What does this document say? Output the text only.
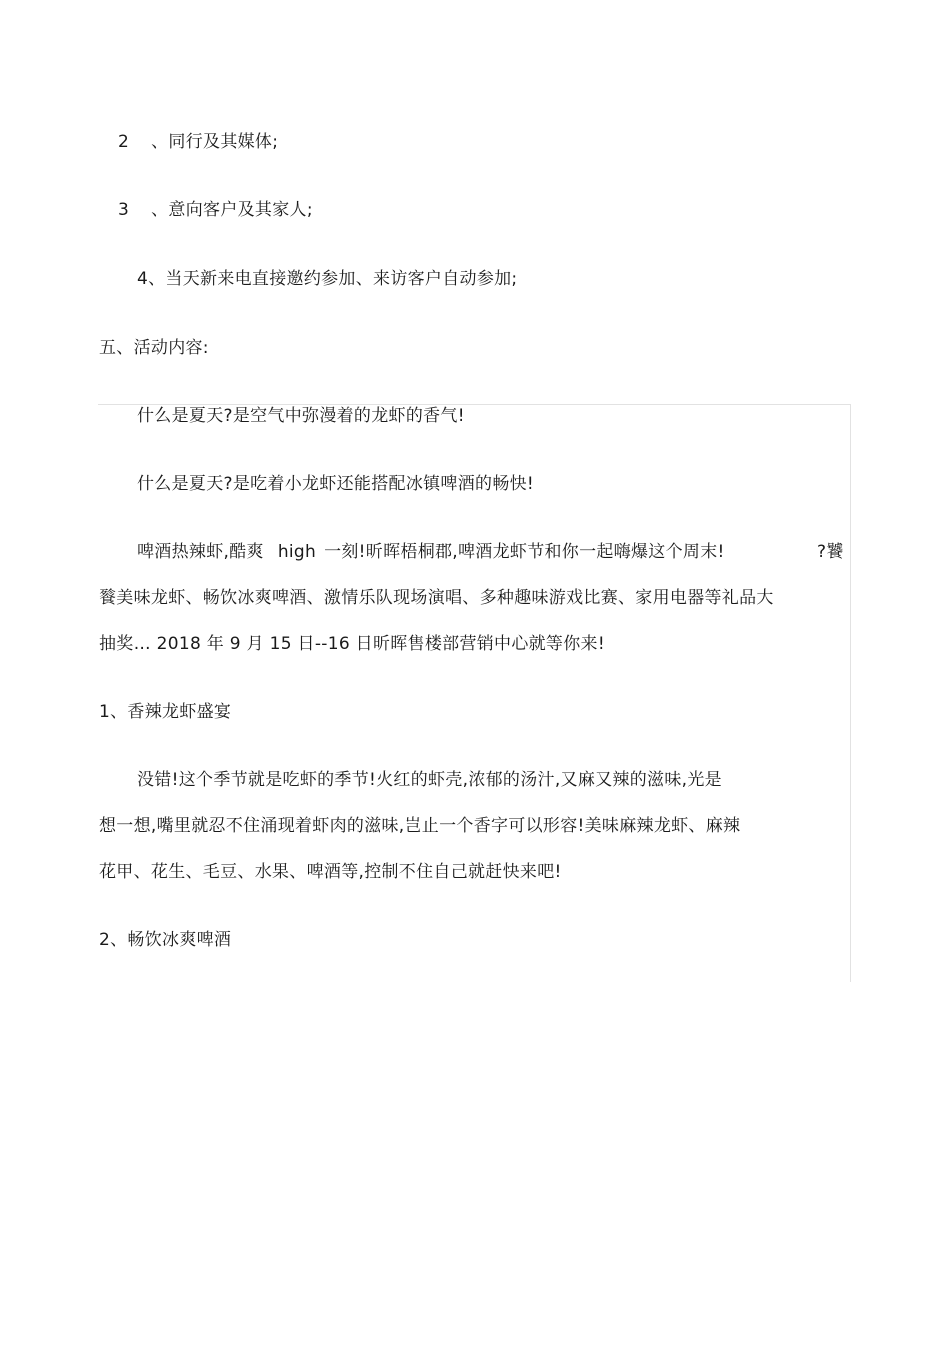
2 、同行及其媒体;
3 、意向客户及其家人;
4、当天新来电直接邀约参加、来访客户自动参加;
五、活动内容:
什么是夏天?是空气中弥漫着的龙虾的香气!
什么是夏天?是吃着小龙虾还能搭配冰镇啤酒的畅快!
啤酒热辣虾,酷爽 high 一刻!昕晖梧桐郡,啤酒龙虾节和你一起嗨爆这个周末!	?饕
餮美味龙虾、畅饮冰爽啤酒、激情乐队现场演唱、多种趣味游戏比赛、家用电器等礼品大
抽奖… 2018 年 9 月 15 日--16 日昕晖售楼部营销中心就等你来!
1、香辣龙虾盛宴
没错!这个季节就是吃虾的季节!火红的虾壳,浓郁的汤汁,又麻又辣的滋味,光是
想一想,嘴里就忍不住涌现着虾肉的滋味,岂止一个香字可以形容!美味麻辣龙虾、麻辣
花甲、花生、毛豆、水果、啤酒等,控制不住自己就赶快来吧!
2、畅饮冰爽啤酒
